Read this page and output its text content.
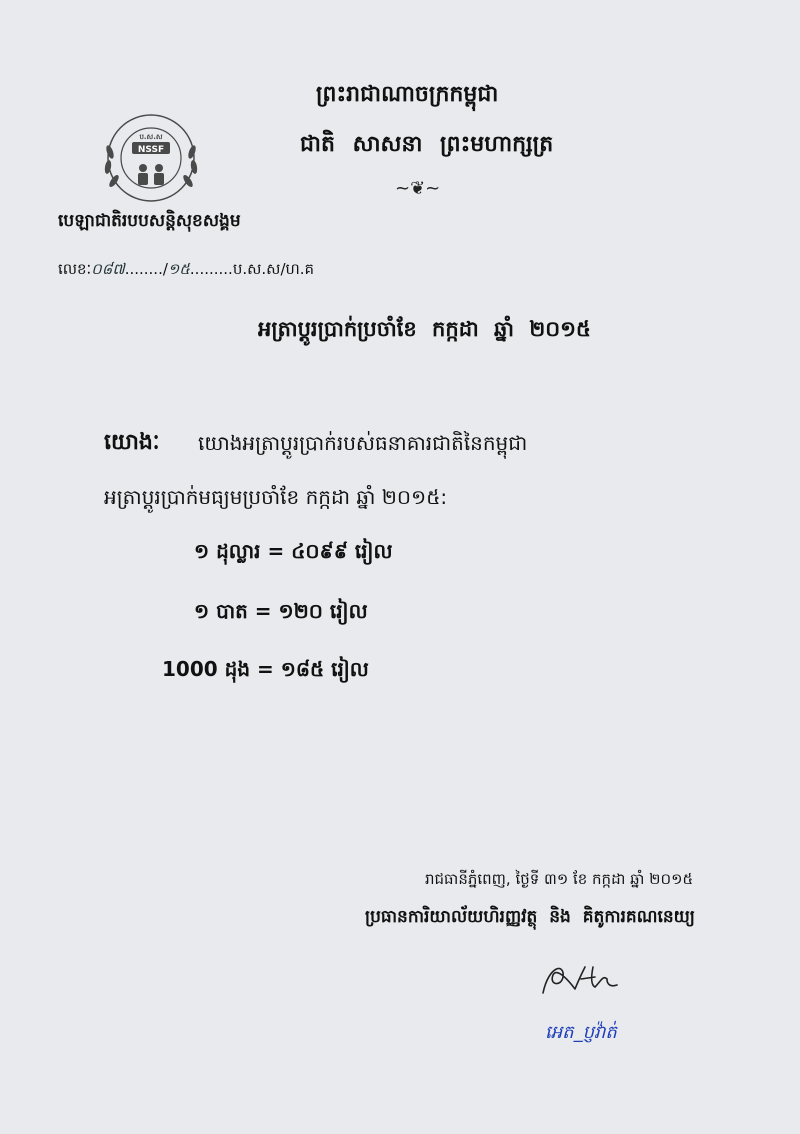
ព្រះរាជាណាចក្រកម្ពុជា
ជាតិ សាសនា ព្រះមហាក្សត្រ
~❦~
ប.ស.ស
NSSF
បេឡាជាតិរបបសន្តិសុខសង្គម
លេខៈ០៨៧......../១៥.........ប.ស.ស/ហ.គ
អត្រាប្តូរប្រាក់ប្រចាំខែ កក្កដា ឆ្នាំ ២០១៥
យោងៈ យោងអត្រាប្តូរប្រាក់របស់ធនាគារជាតិនៃកម្ពុជា
អត្រាប្តូរប្រាក់មធ្យមប្រចាំខែ កក្កដា ឆ្នាំ ២០១៥:
១ ដុល្លារ = ៤០៩៩ រៀល
១ បាត = ១២០ រៀល
1000 ដុង = ១៨៥ រៀល
រាជធានីភ្នំពេញ, ថ្ងៃទី ៣១ ខែ កក្កដា ឆ្នាំ ២០១៥
ប្រធានការិយាល័យហិរញ្ញវត្ថុ និង គិតូការគណនេយ្យ
អេត_ប្ញវ៉ាត់
